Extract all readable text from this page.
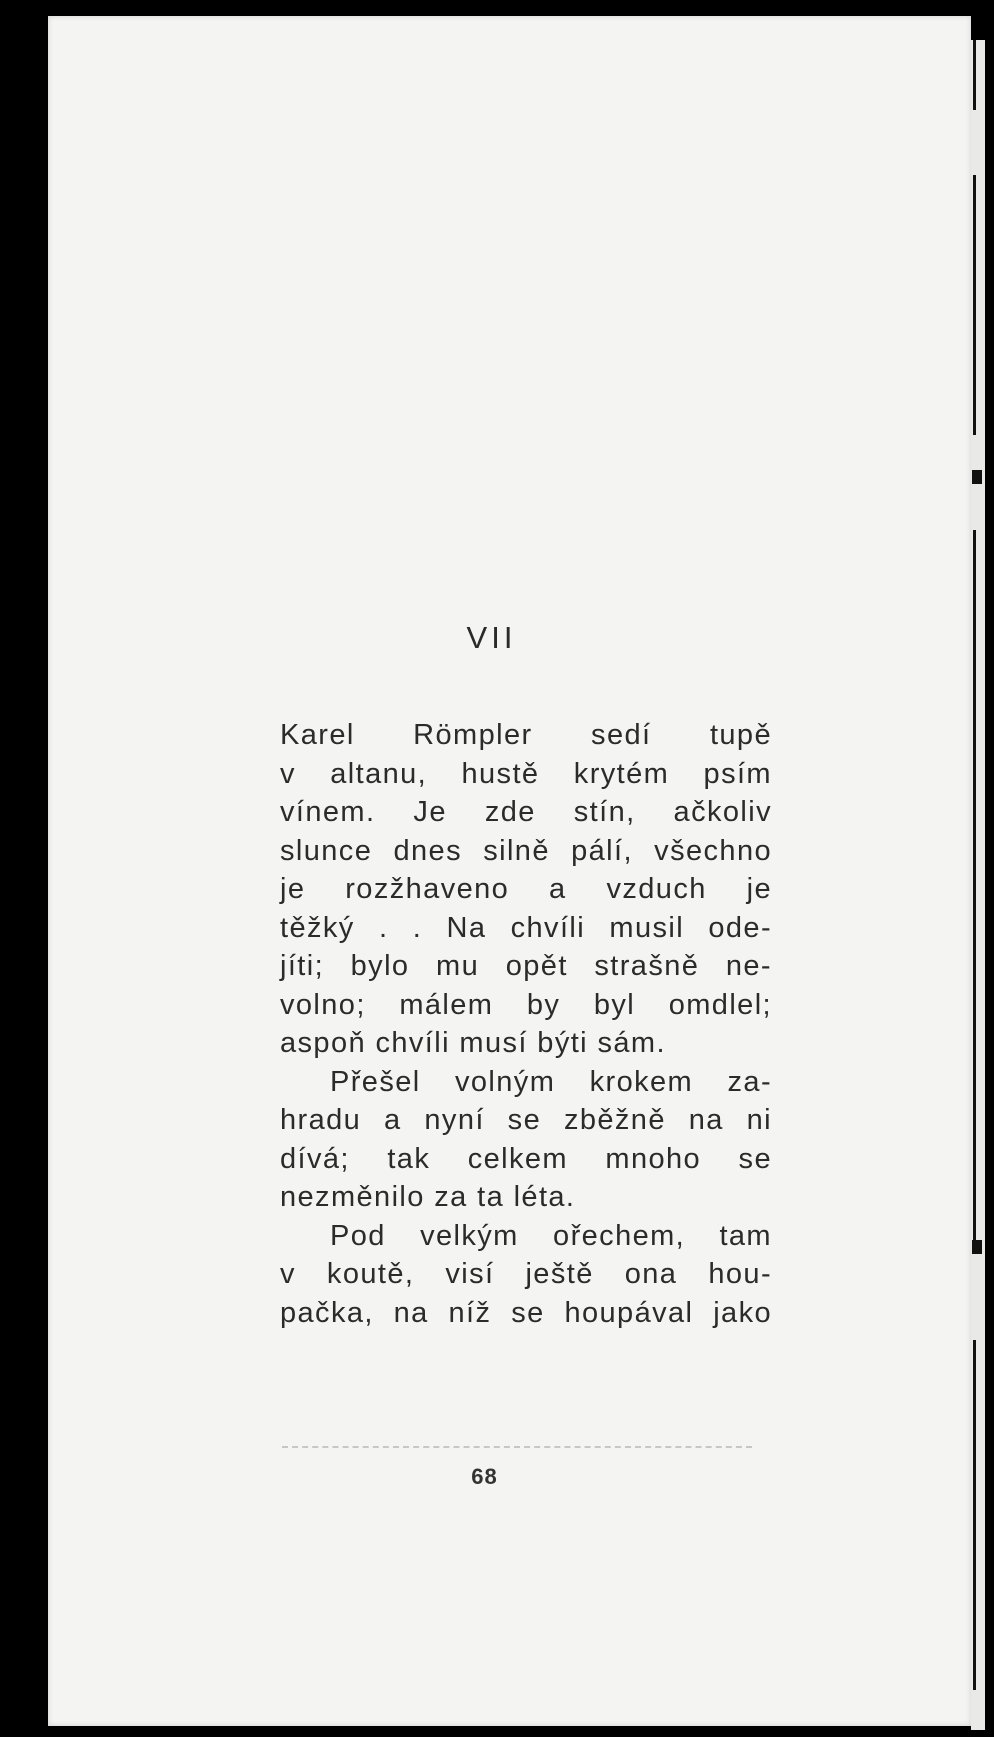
VII
Karel Römpler sedí tupě
v altanu, hustě krytém psím
vínem. Je zde stín, ačkoliv
slunce dnes silně pálí, všechno
je rozžhaveno a vzduch je
těžký . . Na chvíli musil ode-
jíti; bylo mu opět strašně ne-
volno; málem by byl omdlel;
aspoň chvíli musí býti sám.
Přešel volným krokem za-
hradu a nyní se zběžně na ni
dívá; tak celkem mnoho se
nezměnilo za ta léta.
Pod velkým ořechem, tam
v koutě, visí ještě ona hou-
pačka, na níž se houpával jako
68
